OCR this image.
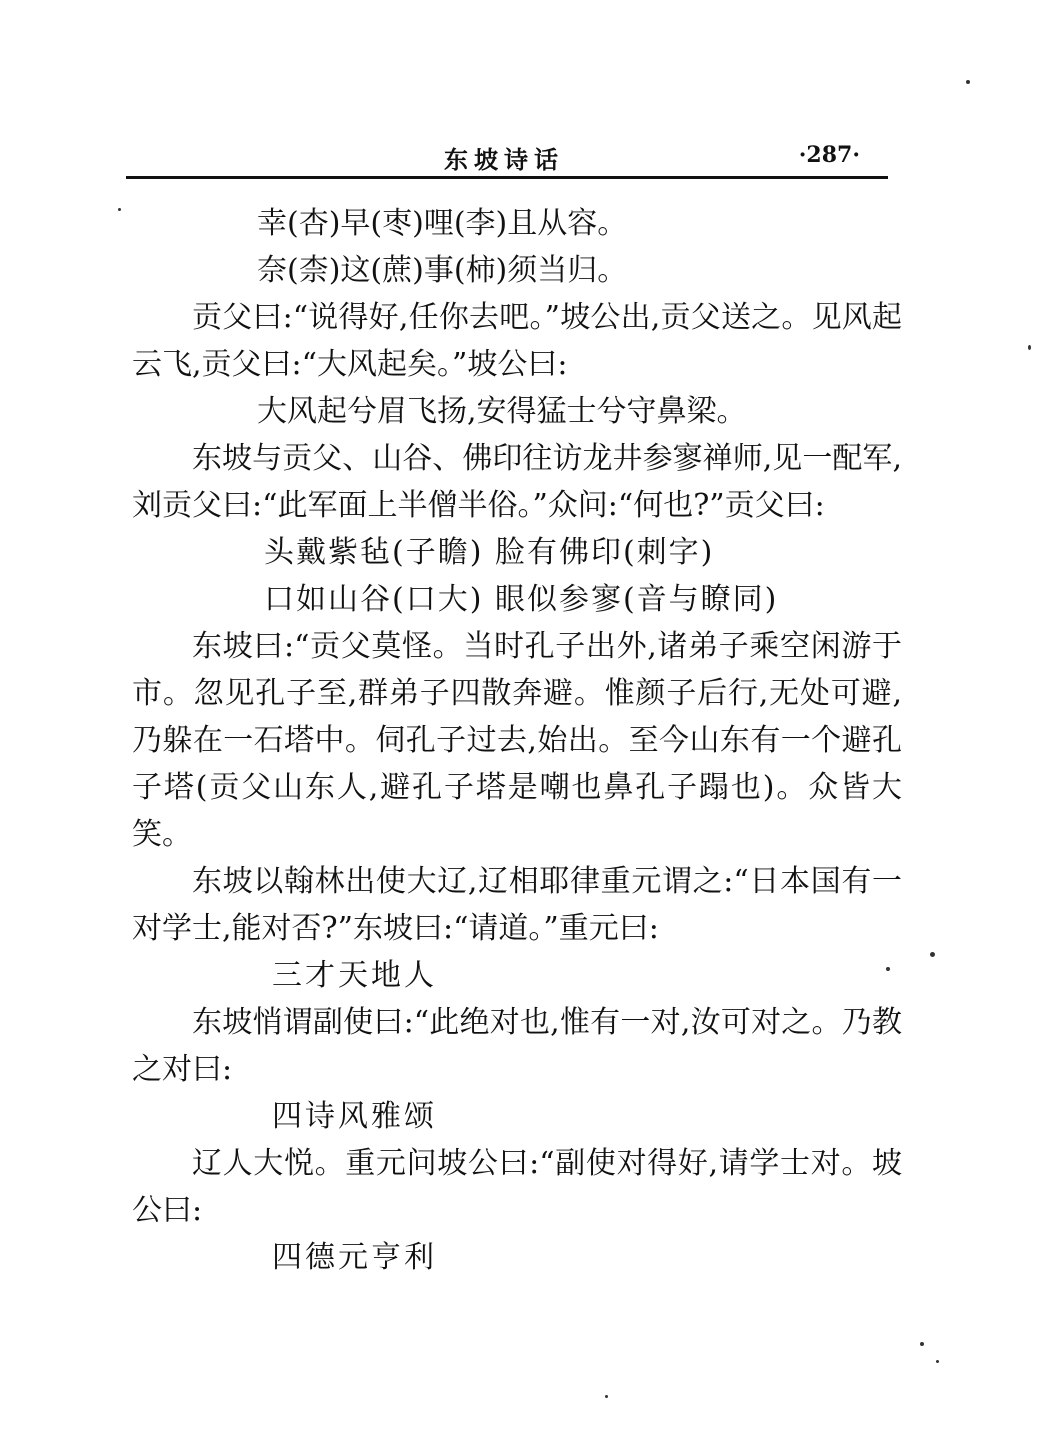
东坡诗话	·287·
幸(杏)早(枣)哩(李)且从容。
奈(柰)这(蔗)事(柿)须当归。
贡父曰:“说得好,任你去吧。”坡公出,贡父送之。见风起云飞,贡父曰:“大风起矣。”坡公曰:
大风起兮眉飞扬,安得猛士兮守鼻梁。
东坡与贡父、山谷、佛印往访龙井参寥禅师,见一配军,刘贡父曰:“此军面上半僧半俗。”众问:“何也?”贡父曰:
头戴紫毡(子瞻) 脸有佛印(刺字)
口如山谷(口大) 眼似参寥(音与瞭同)
东坡曰:“贡父莫怪。当时孔子出外,诸弟子乘空闲游于市。忽见孔子至,群弟子四散奔避。惟颜子后行,无处可避,乃躲在一石塔中。伺孔子过去,始出。至今山东有一个避孔子塔(贡父山东人,避孔子塔是嘲也鼻孔子蹋也)。众皆大笑。
东坡以翰林出使大辽,辽相耶律重元谓之:“日本国有一对学士,能对否?”东坡曰:“请道。”重元曰:
三才天地人
东坡悄谓副使曰:“此绝对也,惟有一对,汝可对之。乃教之对曰:
四诗风雅颂
辽人大悦。重元问坡公曰:“副使对得好,请学士对。坡公曰:
四德元亨利
